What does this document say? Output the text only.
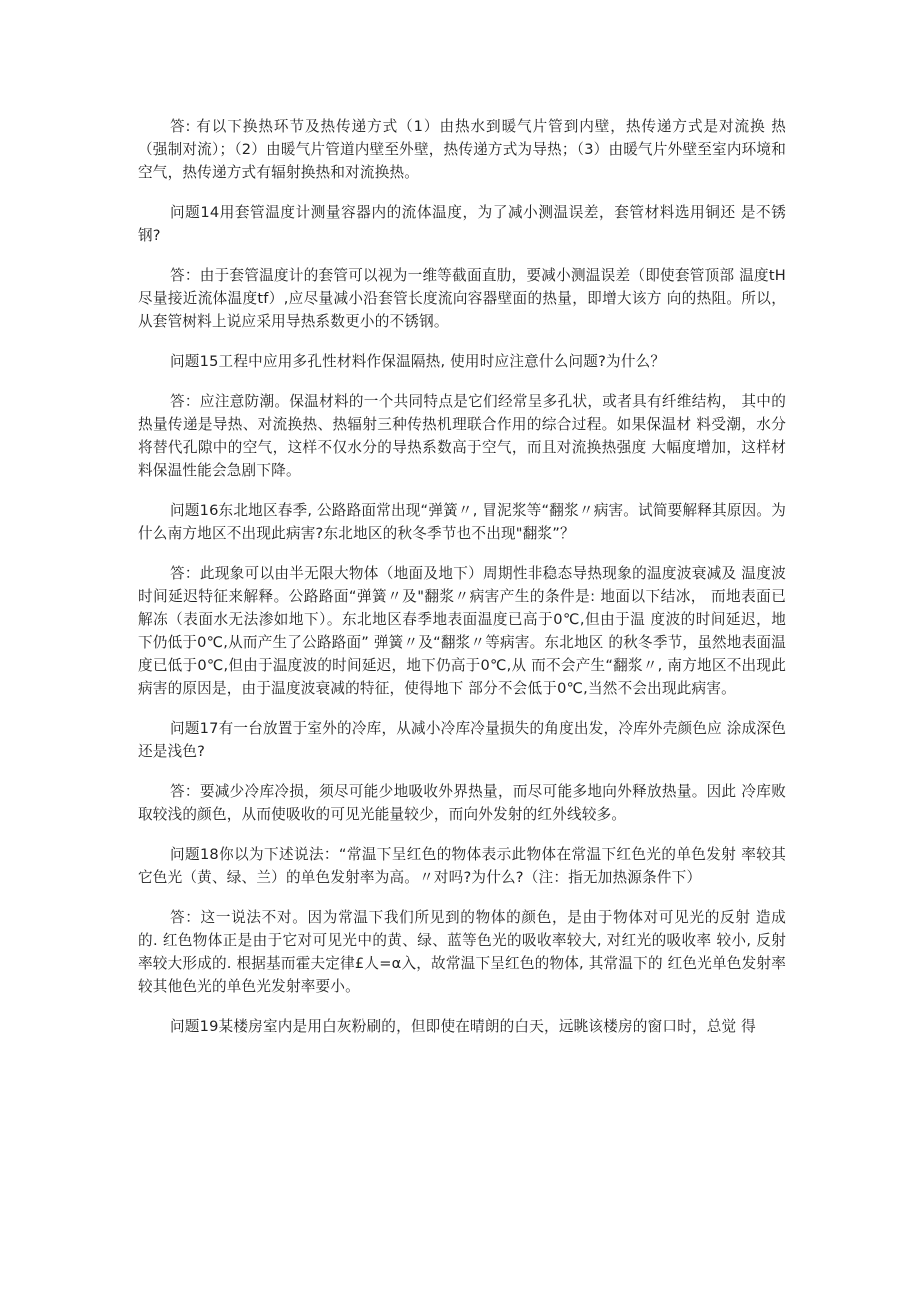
答: 有以下换热环节及热传递方式（1）由热水到暖气片管到内壁，热传递方式是对流换 热（强制对流）；（2）由暖气片管道内壁至外壁，热传递方式为导热；（3）由暖气片外壁至室内环境和空气，热传递方式有辐射换热和对流换热。

问题14用套管温度计测量容器内的流体温度，为了减小测温误差，套管材料选用铜还 是不锈钢?

答：由于套管温度计的套管可以视为一维等截面直肋，要减小测温误差（即使套管顶部 温度tH尽量接近流体温度tf）,应尽量减小沿套管长度流向容器壁面的热量，即增大该方 向的热阻。所以，从套管树料上说应采用导热系数更小的不锈钢。

问题15工程中应用多孔性材料作保温隔热, 使用时应注意什么问题?为什么？

答：应注意防潮。保温材料的一个共同特点是它们经常呈多孔状，或者具有纤维结构， 其中的热量传递是导热、对流换热、热辐射三种传热机理联合作用的综合过程。如果保温材 料受潮，水分将替代孔隙中的空气，这样不仅水分的导热系数高于空气，而且对流换热强度 大幅度增加，这样材料保温性能会急剧下降。

问题16东北地区春季, 公路路面常出现“弹簧〃, 冒泥浆等“翻浆〃病害。试简要解释其原因。为什么南方地区不出现此病害?东北地区的秋冬季节也不出现"翻浆”？

答：此现象可以由半无限大物体（地面及地下）周期性非稳态导热现象的温度波衰减及 温度波时间延迟特征来解释。公路路面“弹簧〃及"翻浆〃病害产生的条件是: 地面以下结冰， 而地表面已解冻（表面水无法渗如地下）。东北地区春季地表面温度已高于0℃,但由于温 度波的时间延迟，地下仍低于0℃,从而产生了公路路面” 弹簧〃及“翻浆〃等病害。东北地区 的秋冬季节，虽然地表面温度已低于0℃,但由于温度波的时间延迟，地下仍高于0℃,从 而不会产生“翻浆〃, 南方地区不出现此病害的原因是，由于温度波衰减的特征，使得地下 部分不会低于0℃,当然不会出现此病害。

问题17有一台放置于室外的冷库，从减小冷库冷量损失的角度出发，冷库外壳颜色应 涂成深色还是浅色?

答：要减少冷库冷损，须尽可能少地吸收外界热量，而尽可能多地向外释放热量。因此 冷库败取较浅的颜色，从而使吸收的可见光能量较少，而向外发射的红外线较多。

问题18你以为下述说法：“常温下呈红色的物体表示此物体在常温下红色光的单色发射 率较其它色光（黄、绿、兰）的单色发射率为高。〃对吗?为什么?（注：指无加热源条件下）

答：这一说法不对。因为常温下我们所见到的物体的颜色，是由于物体对可见光的反射 造成的. 红色物体正是由于它对可见光中的黄、绿、蓝等色光的吸收率较大, 对红光的吸收率 较小, 反射率较大形成的. 根据基而霍夫定律£人=α入，故常温下呈红色的物体, 其常温下的 红色光单色发射率较其他色光的单色光发射率要小。

问题19某楼房室内是用白灰粉刷的，但即使在晴朗的白天，远眺该楼房的窗口时，总觉 得
